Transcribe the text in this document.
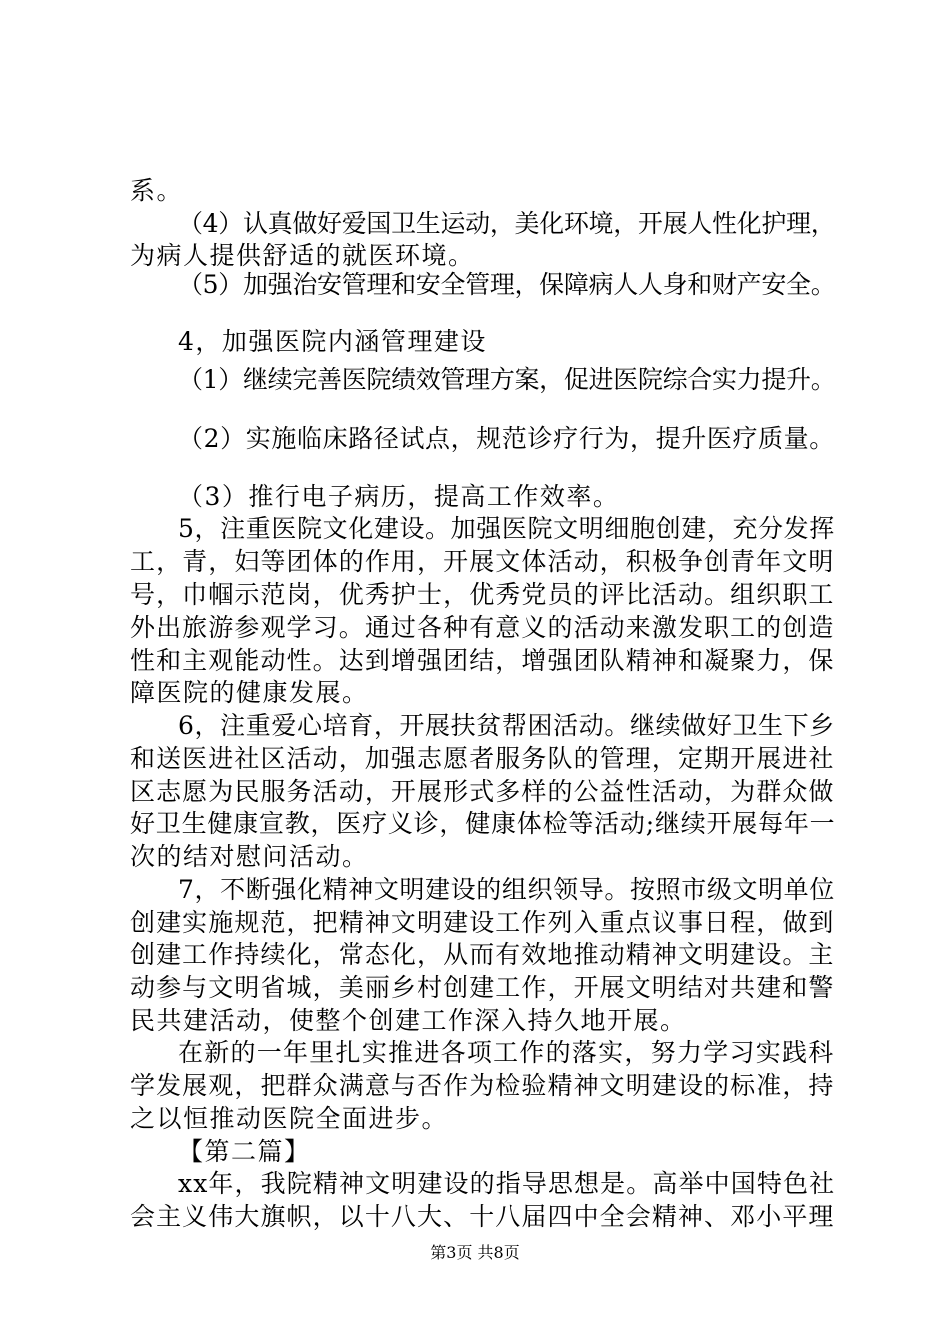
系。
（4）认真做好爱国卫生运动，美化环境，开展人性化护理，
为病人提供舒适的就医环境。
（5）加强治安管理和安全管理，保障病人人身和财产安全。
4，加强医院内涵管理建设
（1）继续完善医院绩效管理方案，促进医院综合实力提升。
（2）实施临床路径试点，规范诊疗行为，提升医疗质量。
（3）推行电子病历，提高工作效率。
5，注重医院文化建设。加强医院文明细胞创建，充分发挥
工，青，妇等团体的作用，开展文体活动，积极争创青年文明
号，巾帼示范岗，优秀护士，优秀党员的评比活动。组织职工
外出旅游参观学习。通过各种有意义的活动来激发职工的创造
性和主观能动性。达到增强团结，增强团队精神和凝聚力，保
障医院的健康发展。
6，注重爱心培育，开展扶贫帮困活动。继续做好卫生下乡
和送医进社区活动，加强志愿者服务队的管理，定期开展进社
区志愿为民服务活动，开展形式多样的公益性活动，为群众做
好卫生健康宣教，医疗义诊，健康体检等活动;继续开展每年一
次的结对慰问活动。
7，不断强化精神文明建设的组织领导。按照市级文明单位
创建实施规范，把精神文明建设工作列入重点议事日程，做到
创建工作持续化，常态化，从而有效地推动精神文明建设。主
动参与文明省城，美丽乡村创建工作，开展文明结对共建和警
民共建活动，使整个创建工作深入持久地开展。
在新的一年里扎实推进各项工作的落实，努力学习实践科
学发展观，把群众满意与否作为检验精神文明建设的标准，持
之以恒推动医院全面进步。
【第二篇】
xx年，我院精神文明建设的指导思想是。高举中国特色社
会主义伟大旗帜，以十八大、十八届四中全会精神、邓小平理
第3页 共8页
